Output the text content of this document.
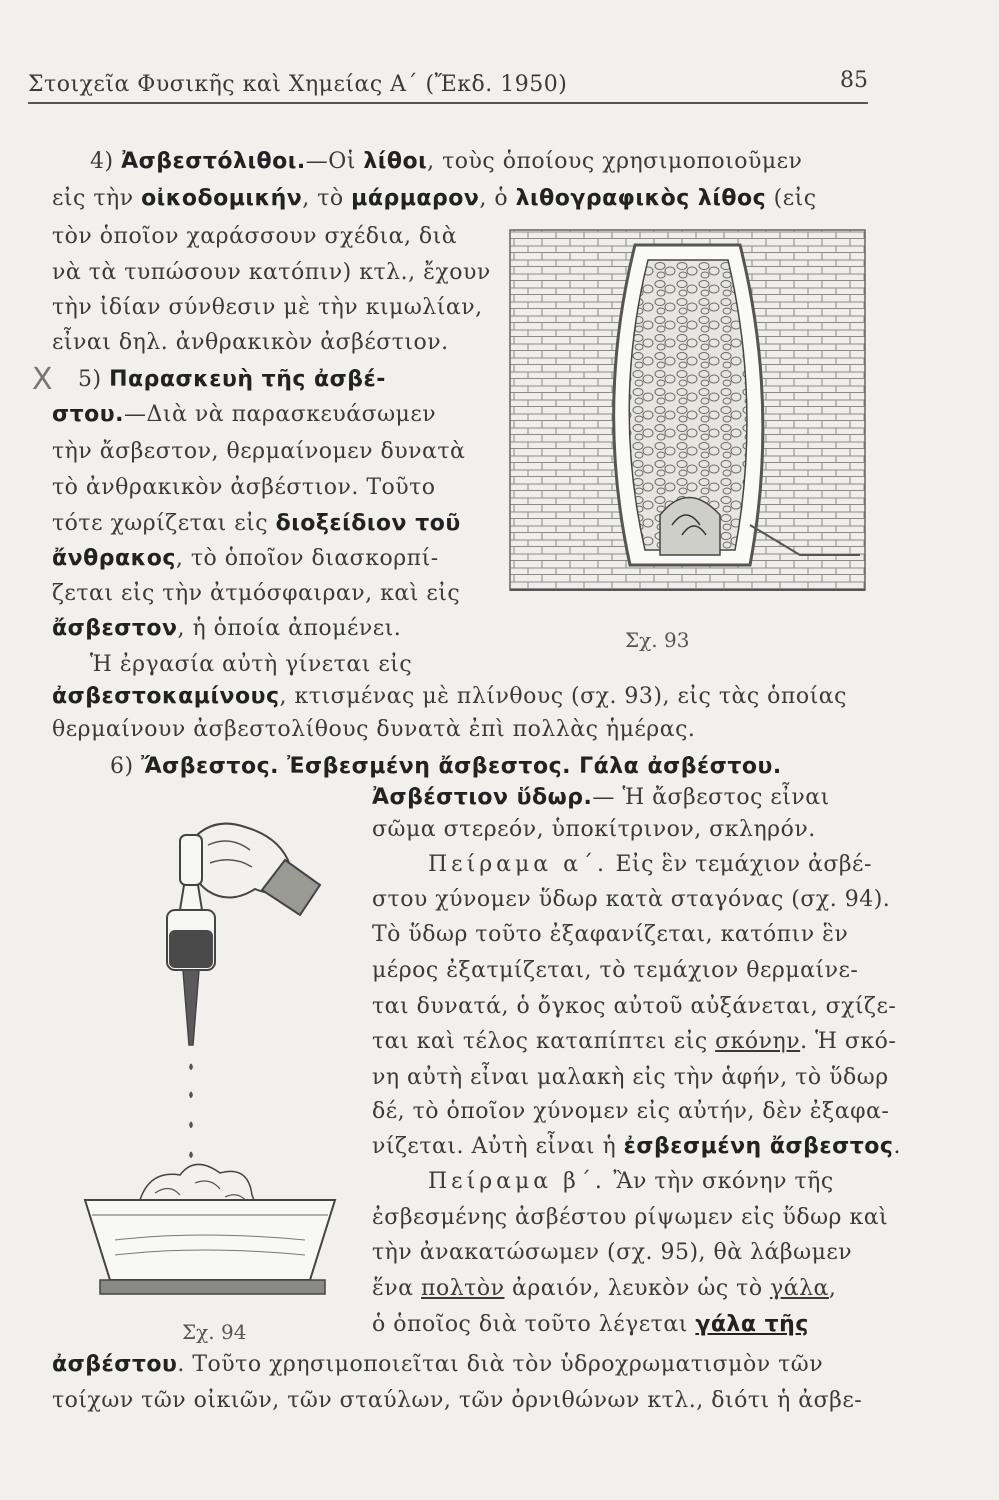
Στοιχεῖα Φυσικῆς καὶ Χημείας Α΄ (Ἔκδ. 1950)	85
4) Ἀσβεστόλιθοι.—Οἱ λίθοι, τοὺς ὁποίους χρησιμοποιοῦμεν
εἰς τὴν οἰκοδομικήν, τὸ μάρμαρον, ὁ λιθογραφικὸς λίθος (εἰς
τὸν ὁποῖον χαράσσουν σχέδια, διὰ
νὰ τὰ τυπώσουν κατόπιν) κτλ., ἔχουν
τὴν ἰδίαν σύνθεσιν μὲ τὴν κιμωλίαν,
εἶναι δηλ. ἀνθρακικὸν ἀσβέστιον.
X 5) Παρασκευὴ τῆς ἀσβέ-
στου.—Διὰ νὰ παρασκευάσωμεν
τὴν ἄσβεστον, θερμαίνομεν δυνατὰ
τὸ ἀνθρακικὸν ἀσβέστιον. Τοῦτο
τότε χωρίζεται εἰς διοξείδιον τοῦ
ἄνθρακος, τὸ ὁποῖον διασκορπί-
ζεται εἰς τὴν ἀτμόσφαιραν, καὶ εἰς
ἄσβεστον, ἡ ὁποία ἀπομένει.
Ἡ ἐργασία αὐτὴ γίνεται εἰς
ἀσβεστοκαμίνους, κτισμένας μὲ πλίνθους (σχ. 93), εἰς τὰς ὁποίας
θερμαίνουν ἀσβεστολίθους δυνατὰ ἐπὶ πολλὰς ἡμέρας.
Σχ. 93
6) Ἄσβεστος. Ἐσβεσμένη ἄσβεστος. Γάλα ἀσβέστου.
Ἀσβέστιον ὕδωρ.— Ἡ ἄσβεστος εἶναι
σῶμα στερεόν, ὑποκίτρινον, σκληρόν.
Πείραμα α΄. Εἰς ἓν τεμάχιον ἀσβέ-
στου χύνομεν ὕδωρ κατὰ σταγόνας (σχ. 94).
Τὸ ὕδωρ τοῦτο ἐξαφανίζεται, κατόπιν ἓν
μέρος ἐξατμίζεται, τὸ τεμάχιον θερμαίνε-
ται δυνατά, ὁ ὄγκος αὐτοῦ αὐξάνεται, σχίζε-
ται καὶ τέλος καταπίπτει εἰς σκόνην. Ἡ σκό-
νη αὐτὴ εἶναι μαλακὴ εἰς τὴν ἁφήν, τὸ ὕδωρ
δέ, τὸ ὁποῖον χύνομεν εἰς αὐτήν, δὲν ἐξαφα-
νίζεται. Αὐτὴ εἶναι ἡ ἐσβεσμένη ἄσβεστος.
Πείραμα β΄. Ἂν τὴν σκόνην τῆς
ἐσβεσμένης ἀσβέστου ρίψωμεν εἰς ὕδωρ καὶ
τὴν ἀνακατώσωμεν (σχ. 95), θὰ λάβωμεν
ἕνα πολτὸν ἀραιόν, λευκὸν ὡς τὸ γάλα,
ὁ ὁποῖος διὰ τοῦτο λέγεται γάλα τῆς
ἀσβέστου. Τοῦτο χρησιμοποιεῖται διὰ τὸν ὑδροχρωματισμὸν τῶν
τοίχων τῶν οἰκιῶν, τῶν σταύλων, τῶν ὀρνιθώνων κτλ., διότι ἡ ἀσβε-
Σχ. 94
